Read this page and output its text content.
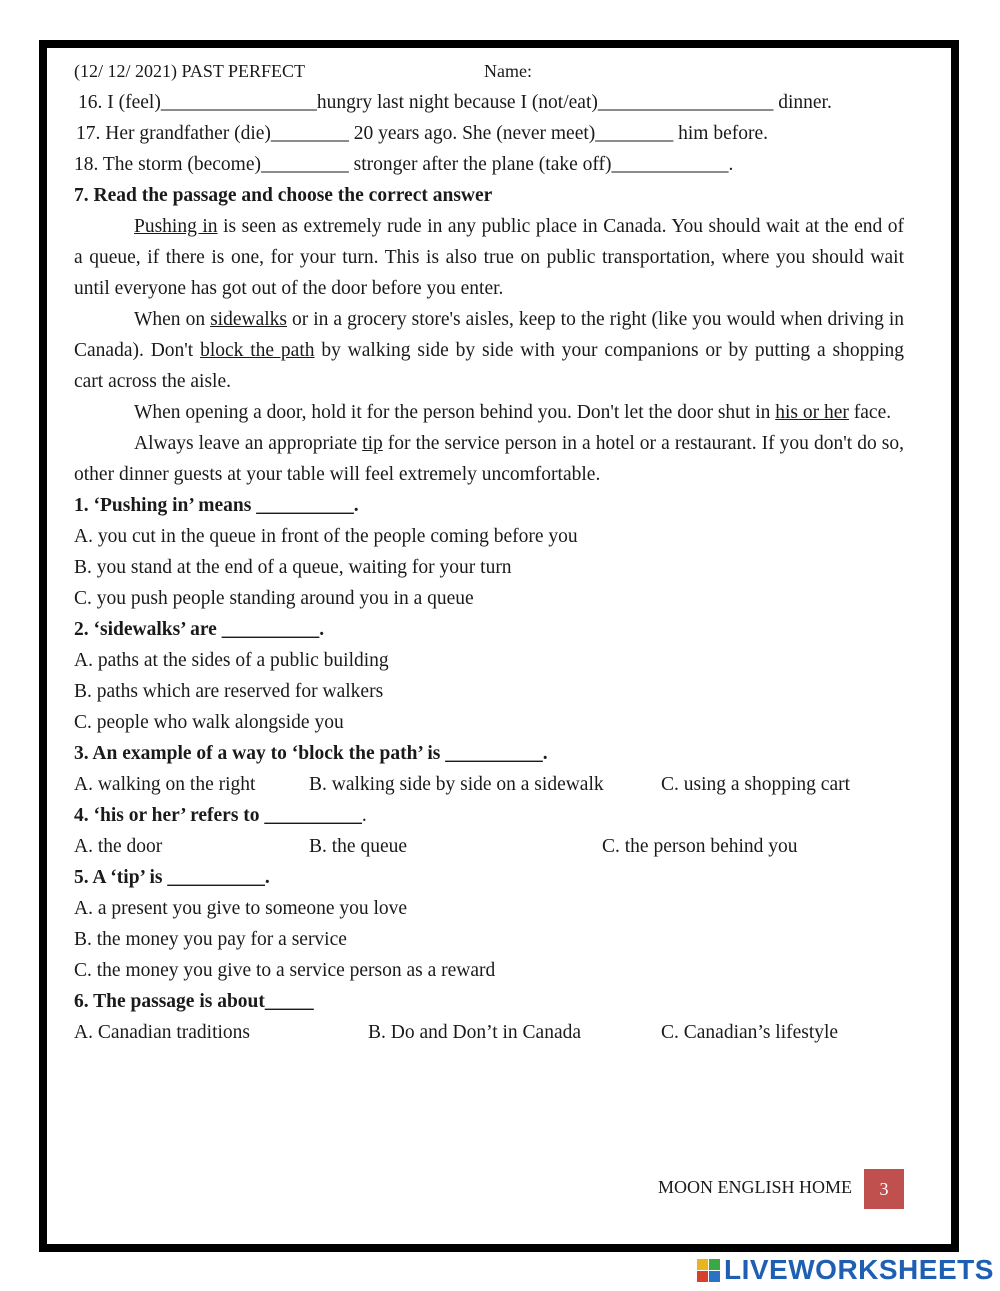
(12/ 12/ 2021) PAST PERFECT	Name:
16. I (feel)________________hungry last night because I (not/eat)__________________ dinner.
17. Her grandfather (die)________ 20 years ago. She (never meet)________ him before.
18. The storm (become)_________ stronger after the plane (take off)____________.
7. Read the passage and choose the correct answer
Pushing in is seen as extremely rude in any public place in Canada. You should wait at the end of a queue, if there is one, for your turn. This is also true on public transportation, where you should wait until everyone has got out of the door before you enter.
When on sidewalks or in a grocery store's aisles, keep to the right (like you would when driving in Canada). Don't block the path by walking side by side with your companions or by putting a shopping cart across the aisle.
When opening a door, hold it for the person behind you. Don't let the door shut in his or her face.
Always leave an appropriate tip for the service person in a hotel or a restaurant. If you don't do so, other dinner guests at your table will feel extremely uncomfortable.
1. ‘Pushing in’ means __________.
A. you cut in the queue in front of the people coming before you
B. you stand at the end of a queue, waiting for your turn
C. you push people standing around you in a queue
2. ‘sidewalks’ are __________.
A. paths at the sides of a public building
B. paths which are reserved for walkers
C. people who walk alongside you
3. An example of a way to ‘block the path’ is __________.
A. walking on the right	B. walking side by side on a sidewalk	C. using a shopping cart
4. ‘his or her’ refers to __________.
A. the door	B. the queue	C. the person behind you
5. A ‘tip’ is __________.
A. a present you give to someone you love
B. the money you pay for a service
C. the money you give to a service person as a reward
6. The passage is about_____
A. Canadian traditions	B. Do and Don’t in Canada	C. Canadian’s lifestyle
MOON ENGLISH HOME	3
LIVEWORKSHEETS
